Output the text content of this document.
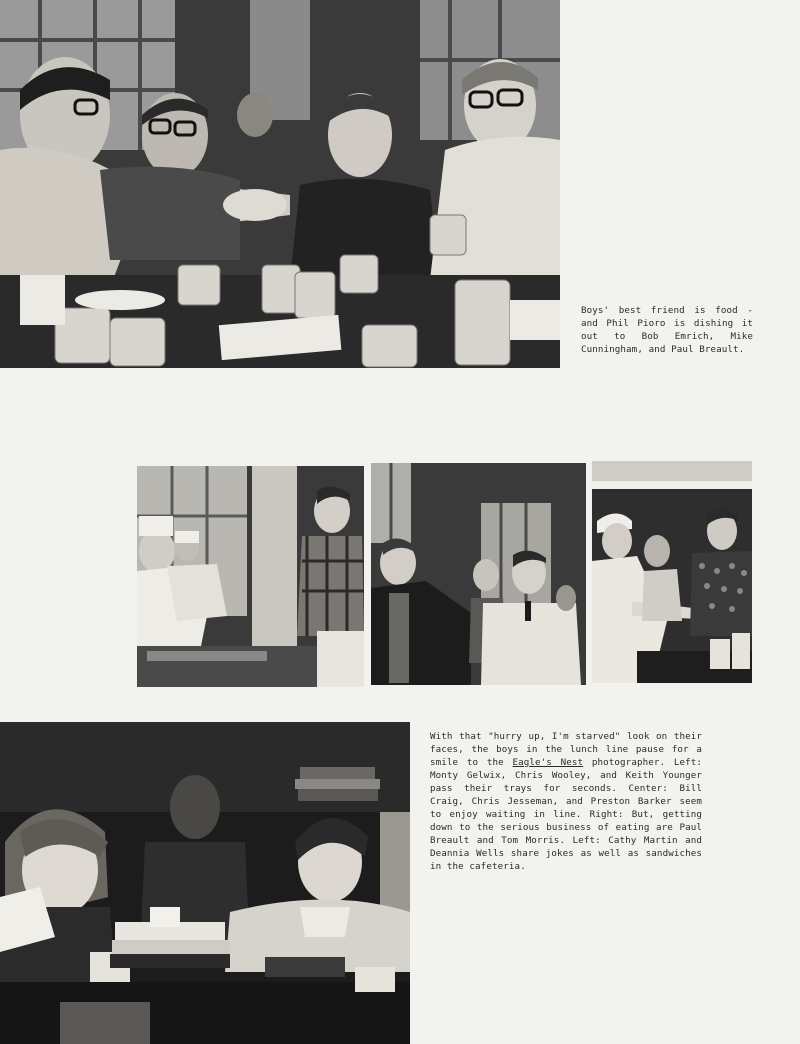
Boys' best friend is food - and Phil Pioro is dishing it out to Bob Emrich, Mike Cunningham, and Paul Breault.
With that "hurry up, I'm starved" look on their faces, the boys in the lunch line pause for a smile to the Eagle's Nest photographer. Left: Monty Gelwix, Chris Wooley, and Keith Younger pass their trays for seconds. Center: Bill Craig, Chris Jesseman, and Preston Barker seem to enjoy waiting in line. Right: But, getting down to the serious business of eating are Paul Breault and Tom Morris. Left: Cathy Martin and Deannia Wells share jokes as well as sandwiches in the cafeteria.
